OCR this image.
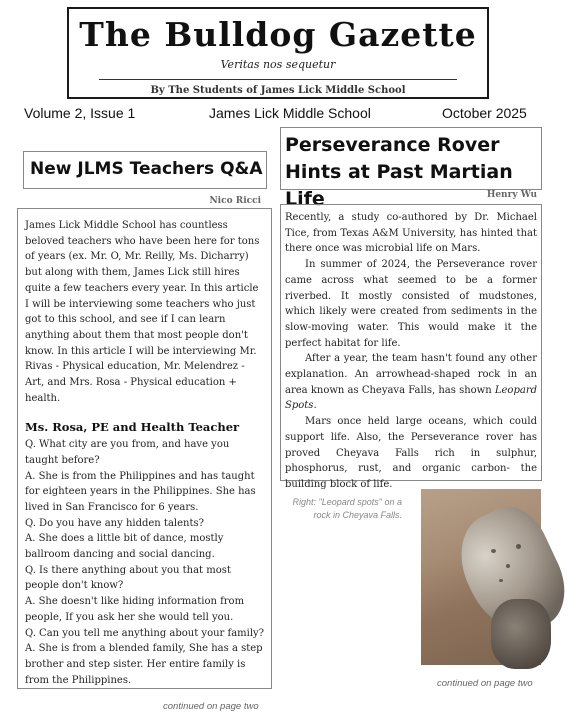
The Bulldog Gazette
Veritas nos sequetur
By The Students of James Lick Middle School
Volume 2, Issue 1	James Lick Middle School	October 2025
New JLMS Teachers Q&A
Nico Ricci

James Lick Middle School has countless beloved teachers who have been here for tons of years (ex. Mr. O, Mr. Reilly, Ms. Dicharry) but along with them, James Lick still hires quite a few teachers every year. In this article I will be interviewing some teachers who just got to this school, and see if I can learn anything about them that most people don't know. In this article I will be interviewing Mr. Rivas - Physical education, Mr. Melendrez - Art, and Mrs. Rosa - Physical education + health.

Ms. Rosa, PE and Health Teacher

Q. What city are you from, and have you taught before?

A. She is from the Philippines and has taught for eighteen years in the Philippines. She has lived in San Francisco for 6 years.

Q. Do you have any hidden talents?

A. She does a little bit of dance, mostly ballroom dancing and social dancing.

Q. Is there anything about you that most people don't know?

A. She doesn't like hiding information from people, If you ask her she would tell you.

Q. Can you tell me anything about your family?

A. She is from a blended family, She has a step brother and step sister. Her entire family is from the Philippines.

continued on page two
Perseverance Rover Hints at Past Martian Life	Henry Wu

Recently, a study co-authored by Dr. Michael Tice, from Texas A&M University, has hinted that there once was microbial life on Mars.

In summer of 2024, the Perseverance rover came across what seemed to be a former riverbed. It mostly consisted of mudstones, which likely were created from sediments in the slow-moving water. This would make it the perfect habitat for life.

After a year, the team hasn't found any other explanation. An arrowhead-shaped rock in an area known as Cheyava Falls, has shown Leopard Spots.

Mars once held large oceans, which could support life. Also, the Perseverance rover has proved Cheyava Falls rich in sulphur, phosphorus, rust, and organic carbon- the building block of life.

Right: "Leopard spots" on a rock in Cheyava Falls.
continued on page two
